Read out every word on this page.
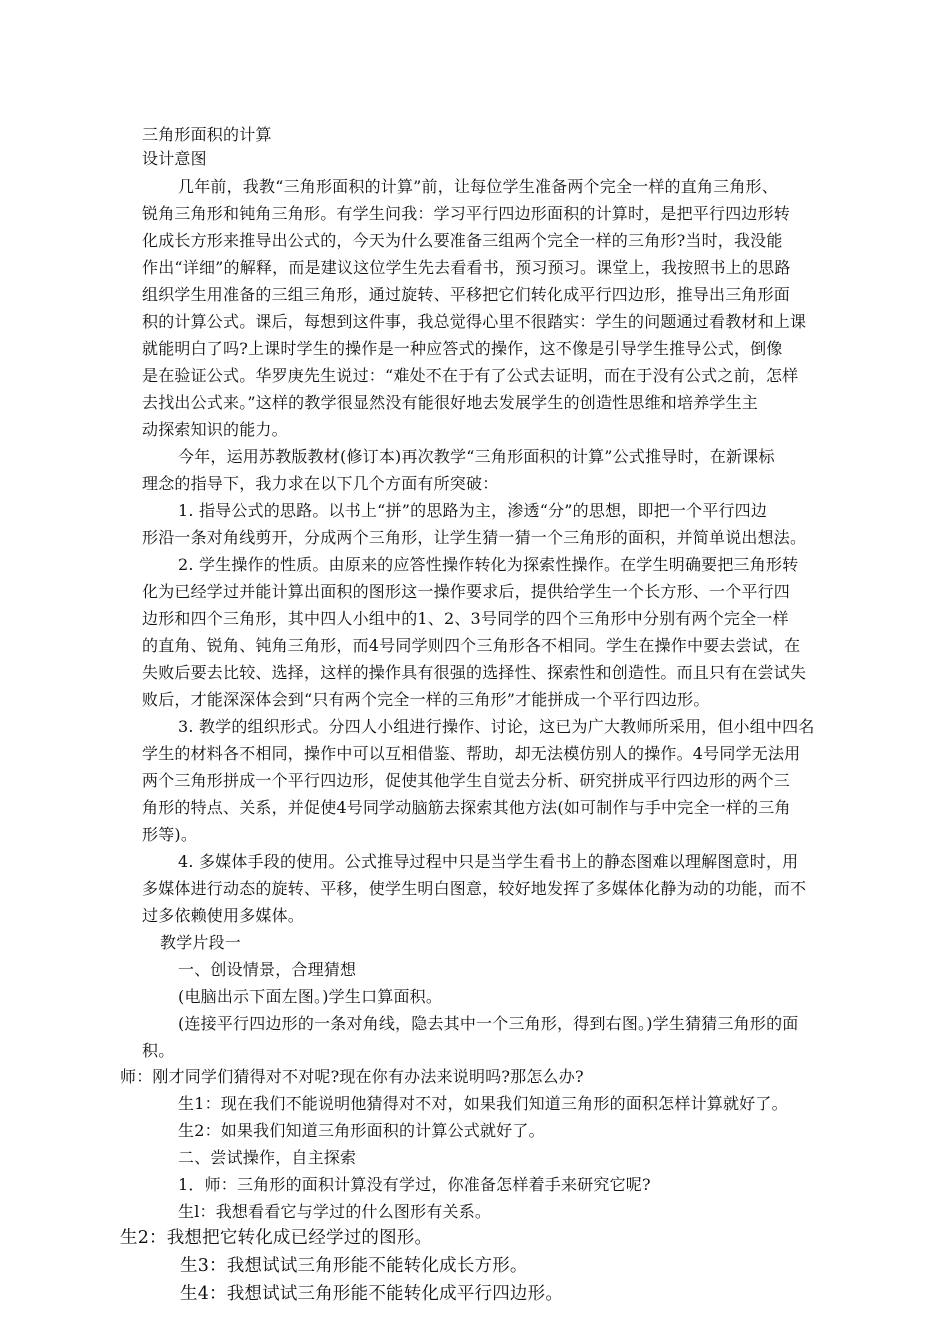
三角形面积的计算
设计意图
几年前，我教“三角形面积的计算”前，让每位学生准备两个完全一样的直角三角形、
锐角三角形和钝角三角形。有学生问我：学习平行四边形面积的计算时，是把平行四边形转
化成长方形来推导出公式的，今天为什么要准备三组两个完全一样的三角形?当时，我没能
作出“详细”的解释，而是建议这位学生先去看看书，预习预习。课堂上，我按照书上的思路
组织学生用准备的三组三角形，通过旋转、平移把它们转化成平行四边形，推导出三角形面
积的计算公式。课后，每想到这件事，我总觉得心里不很踏实：学生的问题通过看教材和上课
就能明白了吗?上课时学生的操作是一种应答式的操作，这不像是引导学生推导公式，倒像
是在验证公式。华罗庚先生说过：“难处不在于有了公式去证明，而在于没有公式之前，怎样
去找出公式来。”这样的教学很显然没有能很好地去发展学生的创造性思维和培养学生主
动探索知识的能力。
今年，运用苏教版教材(修订本)再次教学“三角形面积的计算”公式推导时，在新课标
理念的指导下，我力求在以下几个方面有所突破：
1. 指导公式的思路。以书上“拼”的思路为主，渗透“分”的思想，即把一个平行四边
形沿一条对角线剪开，分成两个三角形，让学生猜一猜一个三角形的面积，并简单说出想法。
2. 学生操作的性质。由原来的应答性操作转化为探索性操作。在学生明确要把三角形转
化为已经学过并能计算出面积的图形这一操作要求后，提供给学生一个长方形、一个平行四
边形和四个三角形，其中四人小组中的1、2、3号同学的四个三角形中分别有两个完全一样
的直角、锐角、钝角三角形，而4号同学则四个三角形各不相同。学生在操作中要去尝试，在
失败后要去比较、选择，这样的操作具有很强的选择性、探索性和创造性。而且只有在尝试失
败后，才能深深体会到“只有两个完全一样的三角形”才能拼成一个平行四边形。
3. 教学的组织形式。分四人小组进行操作、讨论，这已为广大教师所采用，但小组中四名
学生的材料各不相同，操作中可以互相借鉴、帮助，却无法模仿别人的操作。4号同学无法用
两个三角形拼成一个平行四边形，促使其他学生自觉去分析、研究拼成平行四边形的两个三
角形的特点、关系，并促使4号同学动脑筋去探索其他方法(如可制作与手中完全一样的三角
形等)。
4. 多媒体手段的使用。公式推导过程中只是当学生看书上的静态图难以理解图意时，用
多媒体进行动态的旋转、平移，使学生明白图意，较好地发挥了多媒体化静为动的功能，而不
过多依赖使用多媒体。
教学片段一
一、创设情景，合理猜想
(电脑出示下面左图。)学生口算面积。
(连接平行四边形的一条对角线，隐去其中一个三角形，得到右图。)学生猜猜三角形的面
积。
师：刚才同学们猜得对不对呢?现在你有办法来说明吗?那怎么办?
生1：现在我们不能说明他猜得对不对，如果我们知道三角形的面积怎样计算就好了。
生2：如果我们知道三角形面积的计算公式就好了。
二、尝试操作，自主探索
1．师：三角形的面积计算没有学过，你准备怎样着手来研究它呢?
生l：我想看看它与学过的什么图形有关系。
生2：我想把它转化成已经学过的图形。
生3：我想试试三角形能不能转化成长方形。
生4：我想试试三角形能不能转化成平行四边形。
